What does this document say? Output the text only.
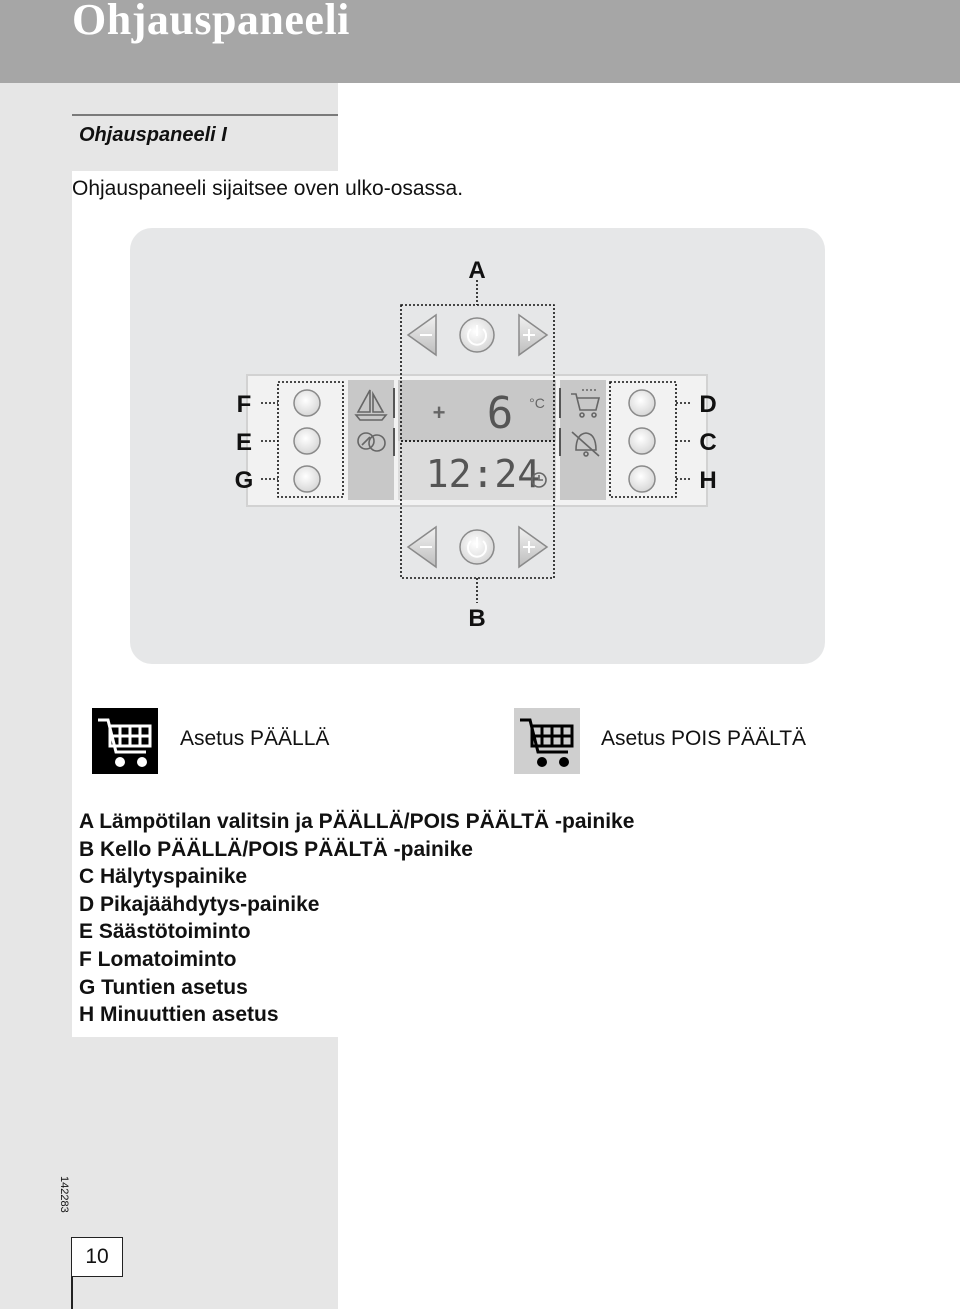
Ohjauspaneeli
Ohjauspaneeli I
Ohjauspaneeli sijaitsee oven ulko-osassa.
A
B
F
E
G
D
C
H
+ 6 °C
12:24
Asetus PÄÄLLÄ	Asetus POIS PÄÄLTÄ
A Lämpötilan valitsin ja PÄÄLLÄ/POIS PÄÄLTÄ -painike
B Kello PÄÄLLÄ/POIS PÄÄLTÄ -painike
C Hälytyspainike
D Pikajäähdytys-painike
E Säästötoiminto
F Lomatoiminto
G Tuntien asetus
H Minuuttien asetus
142283
10
